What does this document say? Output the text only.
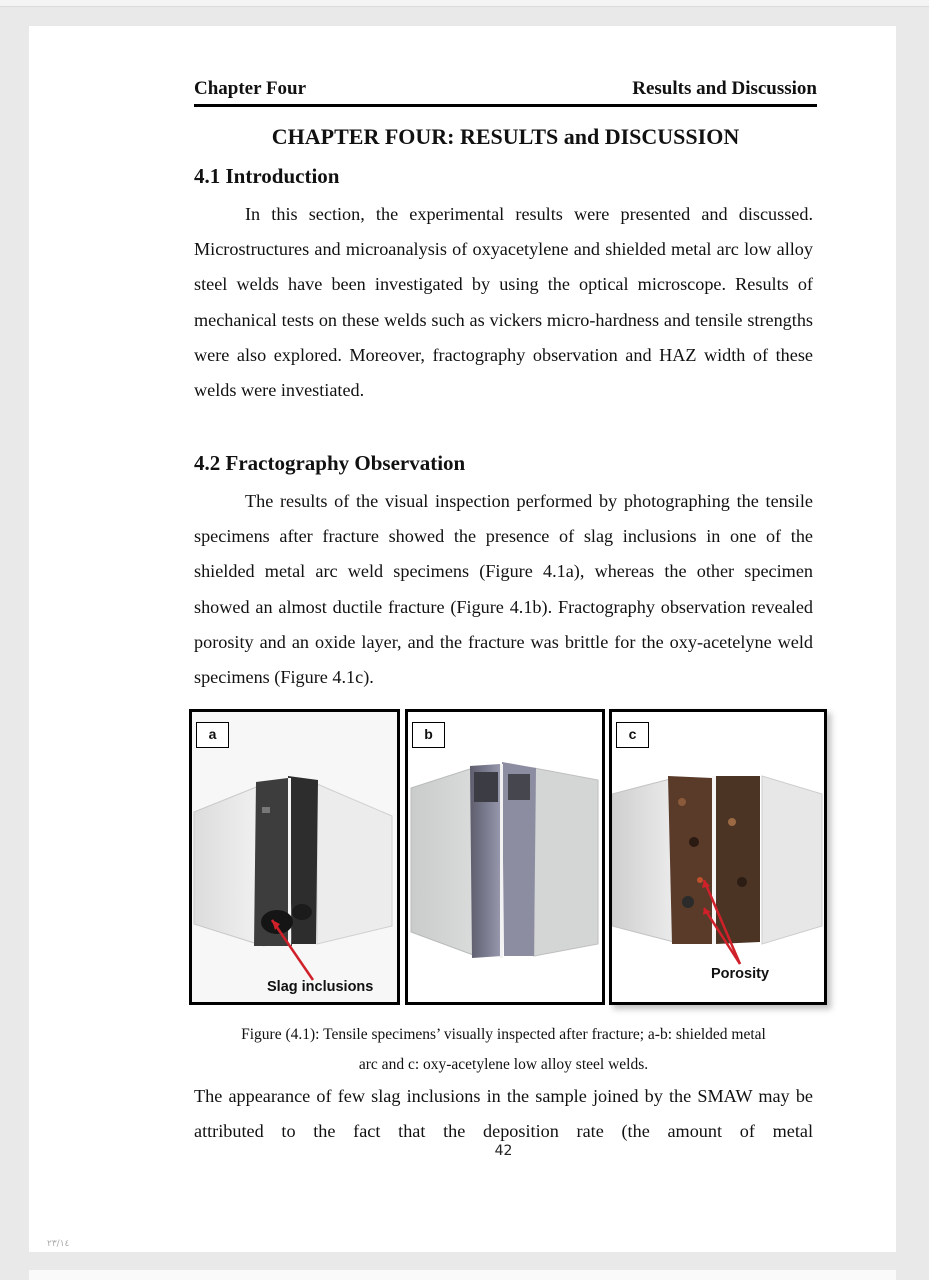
Chapter Four	Results and Discussion
CHAPTER FOUR: RESULTS and DISCUSSION
4.1 Introduction

In this section, the experimental results were presented and discussed. Microstructures and microanalysis of oxyacetylene and shielded metal arc low alloy steel welds have been investigated by using the optical microscope. Results of mechanical tests on these welds such as vickers micro-hardness and tensile strengths were also explored. Moreover, fractography observation and HAZ width of these welds were investiated.

4.2 Fractography Observation

The results of the visual inspection performed by photographing the tensile specimens after fracture showed the presence of slag inclusions in one of the shielded metal arc weld specimens (Figure 4.1a), whereas the other specimen showed an almost ductile fracture (Figure 4.1b). Fractography observation revealed porosity and an oxide layer, and the fracture was brittle for the oxy-acetelyne weld specimens (Figure 4.1c).

a
Slag inclusions
b	c
Porosity
Figure (4.1): Tensile specimens’ visually inspected after fracture; a-b: shielded metal
arc and c: oxy-acetylene low alloy steel welds.

The appearance of few slag inclusions in the sample joined by the SMAW may be attributed to the fact that the deposition rate (the amount of metal

42
٢٣/١٤
